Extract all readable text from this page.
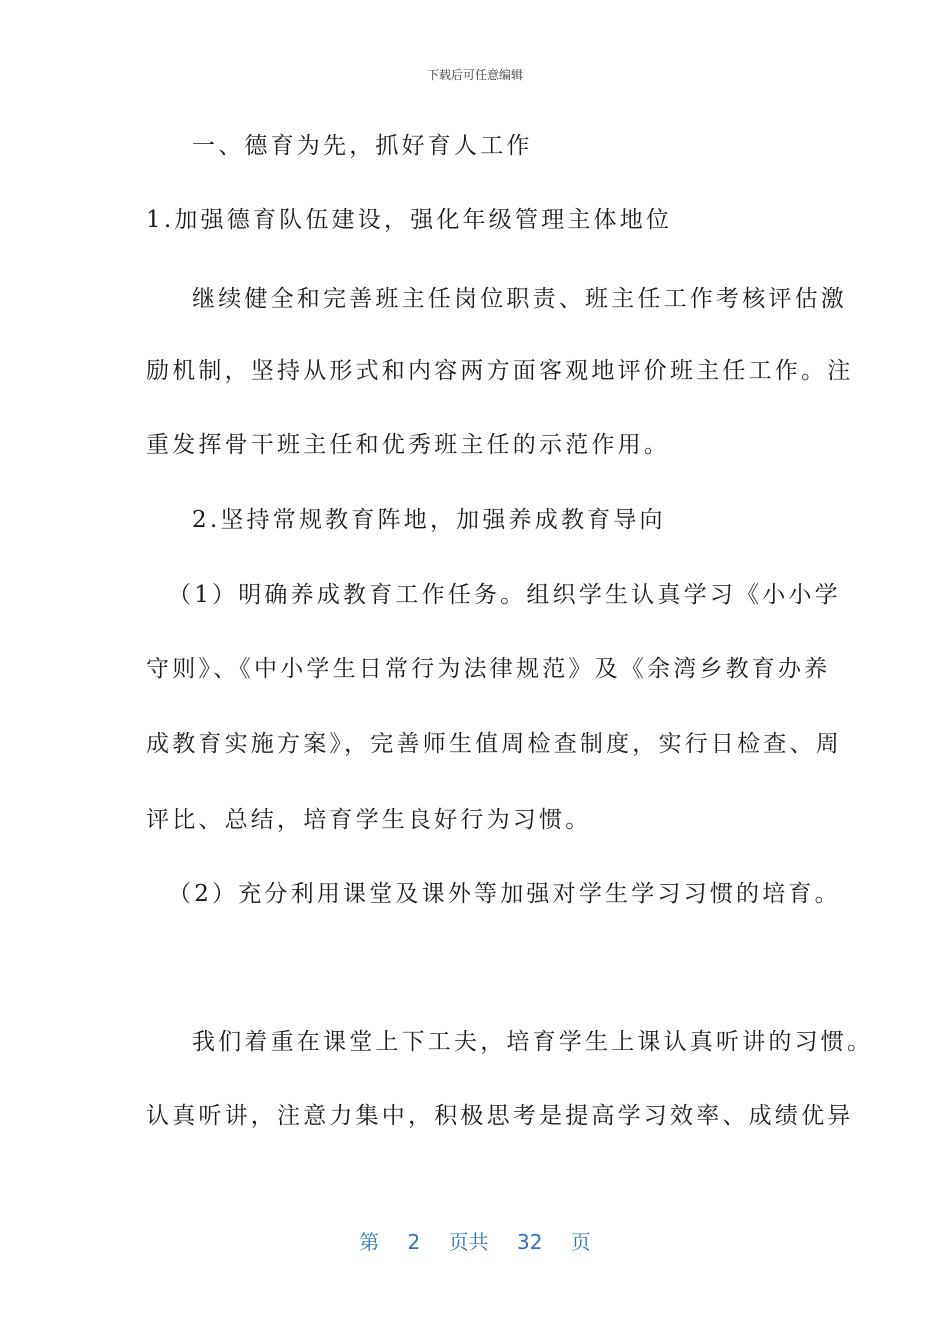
下载后可任意编辑
一、德育为先，抓好育人工作
1.加强德育队伍建设，强化年级管理主体地位
继续健全和完善班主任岗位职责、班主任工作考核评估激
励机制，坚持从形式和内容两方面客观地评价班主任工作。注
重发挥骨干班主任和优秀班主任的示范作用。
2.坚持常规教育阵地，加强养成教育导向
（1）明确养成教育工作任务。组织学生认真学习《小小学
守则》、《中小学生日常行为法律规范》及《余湾乡教育办养
成教育实施方案》，完善师生值周检查制度，实行日检查、周
评比、总结，培育学生良好行为习惯。
（2）充分利用课堂及课外等加强对学生学习习惯的培育。
我们着重在课堂上下工夫，培育学生上课认真听讲的习惯。
认真听讲，注意力集中，积极思考是提高学习效率、成绩优异
第 2 页共 32 页
